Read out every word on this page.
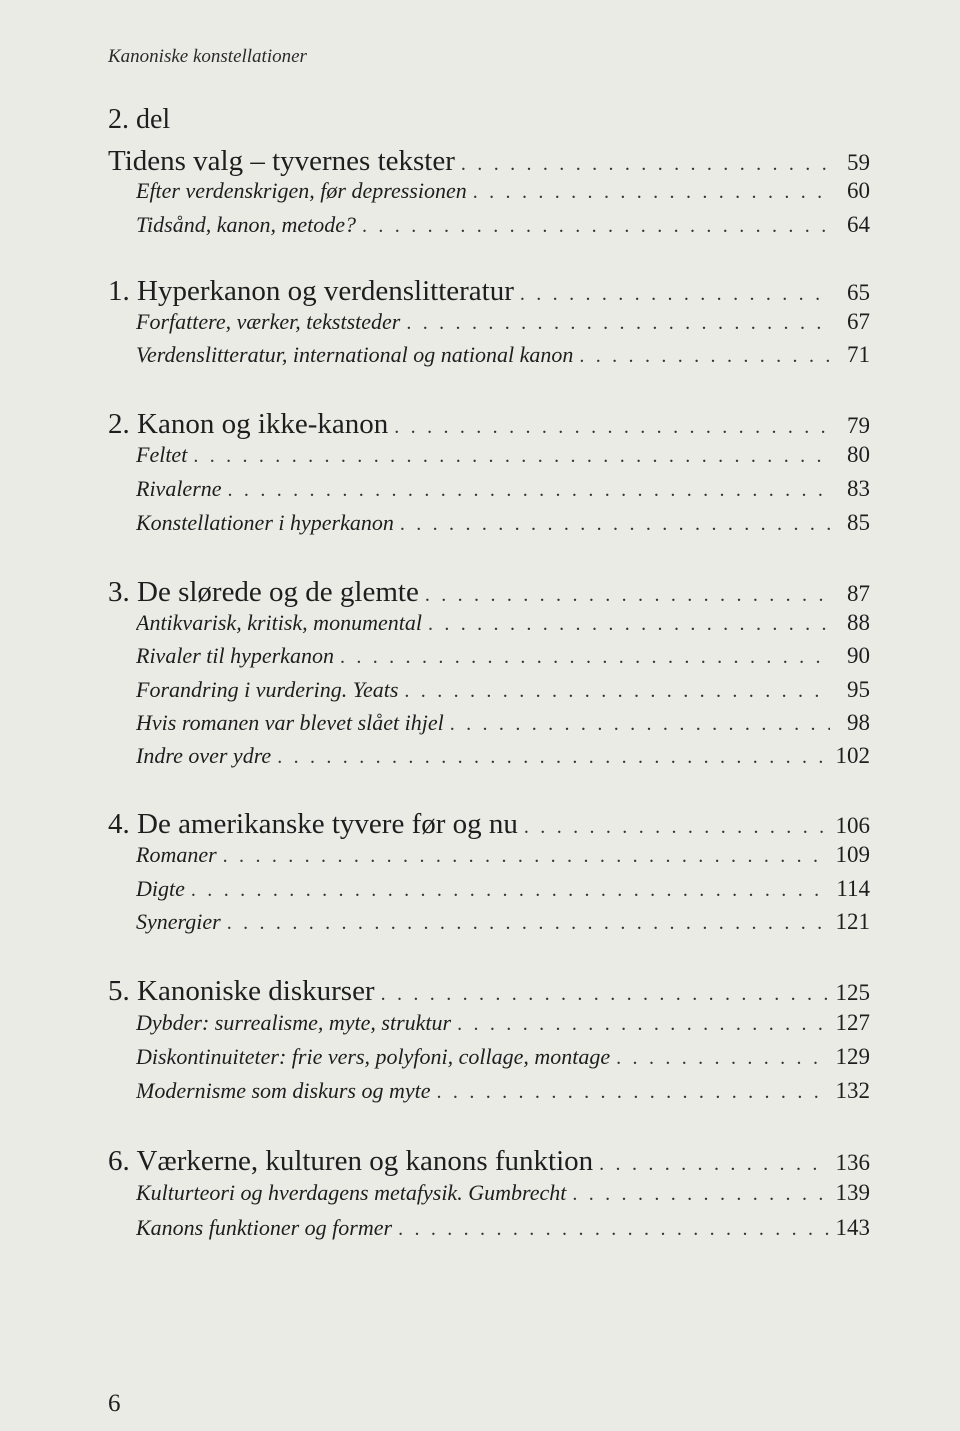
Kanoniske konstellationer
2. del
Tidens valg – tyvernes tekster . . .	59
Efter verdenskrigen, før depressionen . . .	60
Tidsånd, kanon, metode? . . .	64
1. Hyperkanon og verdenslitteratur . . .	65
Forfattere, værker, tekststeder . . .	67
Verdenslitteratur, international og national kanon . . .	71
2. Kanon og ikke-kanon . . .	79
Feltet . . .	80
Rivalerne . . .	83
Konstellationer i hyperkanon . . .	85
3. De slørede og de glemte . . .	87
Antikvarisk, kritisk, monumental . . .	88
Rivaler til hyperkanon . . .	90
Forandring i vurdering. Yeats . . .	95
Hvis romanen var blevet slået ihjel . . .	98
Indre over ydre . . .	102
4. De amerikanske tyvere før og nu . . .	106
Romaner . . .	109
Digte . . .	114
Synergier . . .	121
5. Kanoniske diskurser . . .	125
Dybder: surrealisme, myte, struktur . . .	127
Diskontinuiteter: frie vers, polyfoni, collage, montage . . .	129
Modernisme som diskurs og myte . . .	132
6. Værkerne, kulturen og kanons funktion . . .	136
Kulturteori og hverdagens metafysik. Gumbrecht . . .	139
Kanons funktioner og former . . .	143
6
